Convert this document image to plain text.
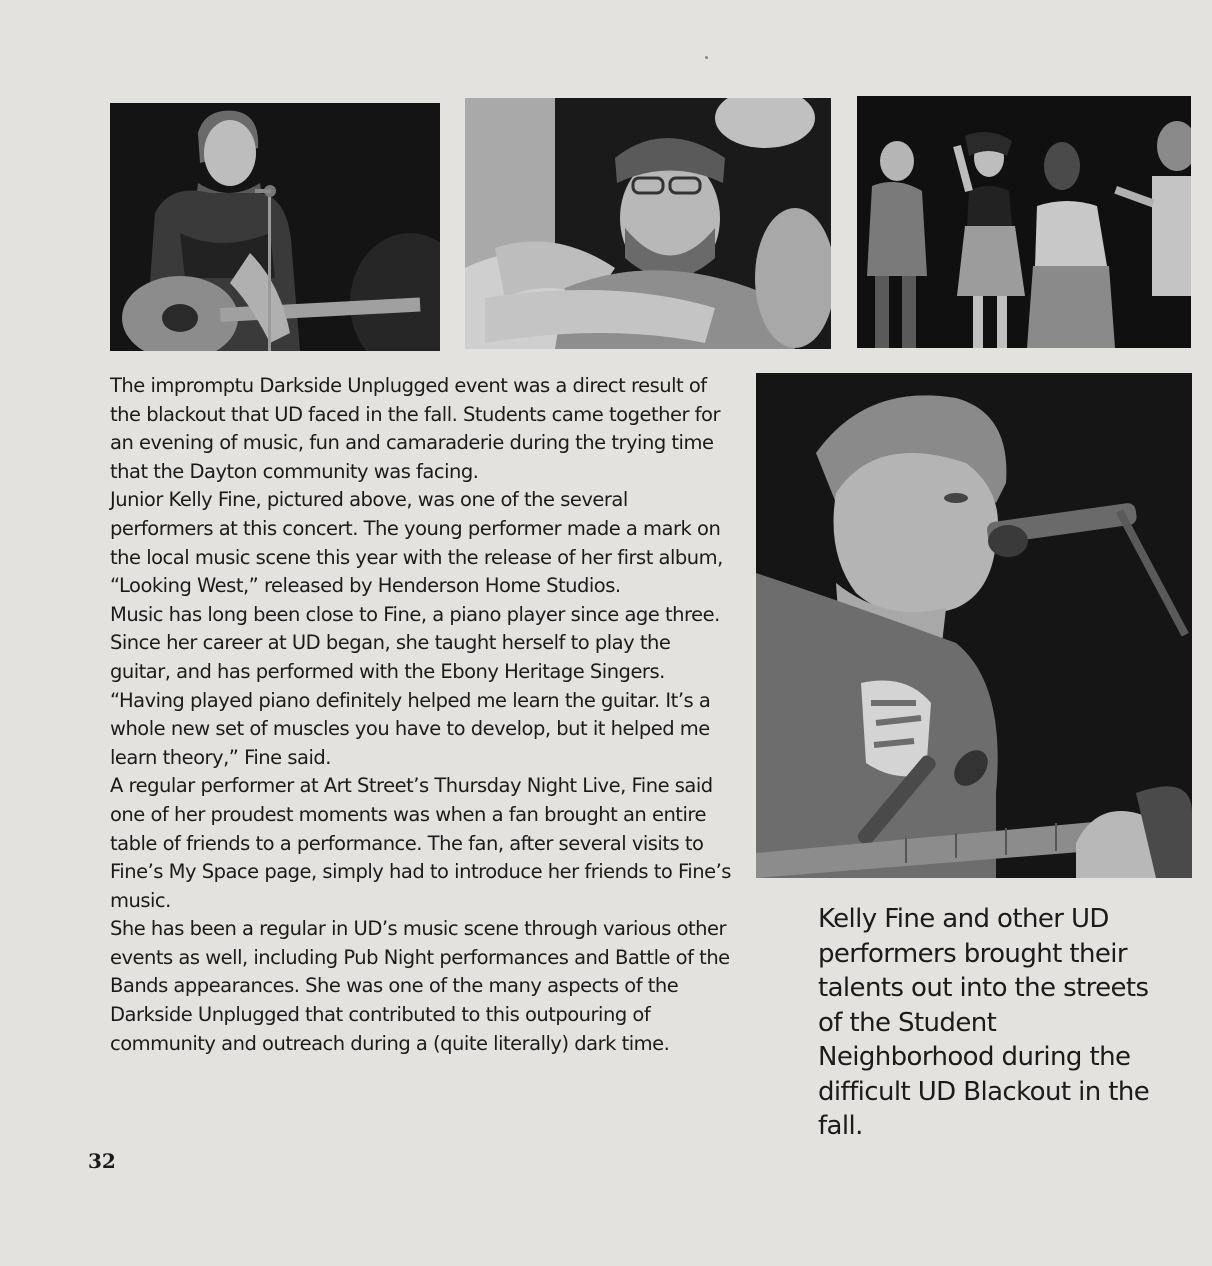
The impromptu Darkside Unplugged event was a direct result of the blackout that UD faced in the fall. Students came together for an evening of music, fun and camaraderie during the trying time that the Dayton community was facing.

Junior Kelly Fine, pictured above, was one of the several performers at this concert. The young performer made a mark on the local music scene this year with the release of her first album, “Looking West,” released by Henderson Home Studios.

Music has long been close to Fine, a piano player since age three. Since her career at UD began, she taught herself to play the guitar, and has performed with the Ebony Heritage Singers.

“Having played piano definitely helped me learn the guitar. It’s a whole new set of muscles you have to develop, but it helped me learn theory,” Fine said.

A regular performer at Art Street’s Thursday Night Live, Fine said one of her proudest moments was when a fan brought an entire table of friends to a performance. The fan, after several visits to Fine’s My Space page, simply had to introduce her friends to Fine’s music.

She has been a regular in UD’s music scene through various other events as well, including Pub Night performances and Battle of the Bands appearances. She was one of the many aspects of the Darkside Unplugged that contributed to this outpouring of community and outreach during a (quite literally) dark time.

Kelly Fine and other UD performers brought their talents out into the streets of the Student Neighborhood during the difficult UD Blackout in the fall.
32
